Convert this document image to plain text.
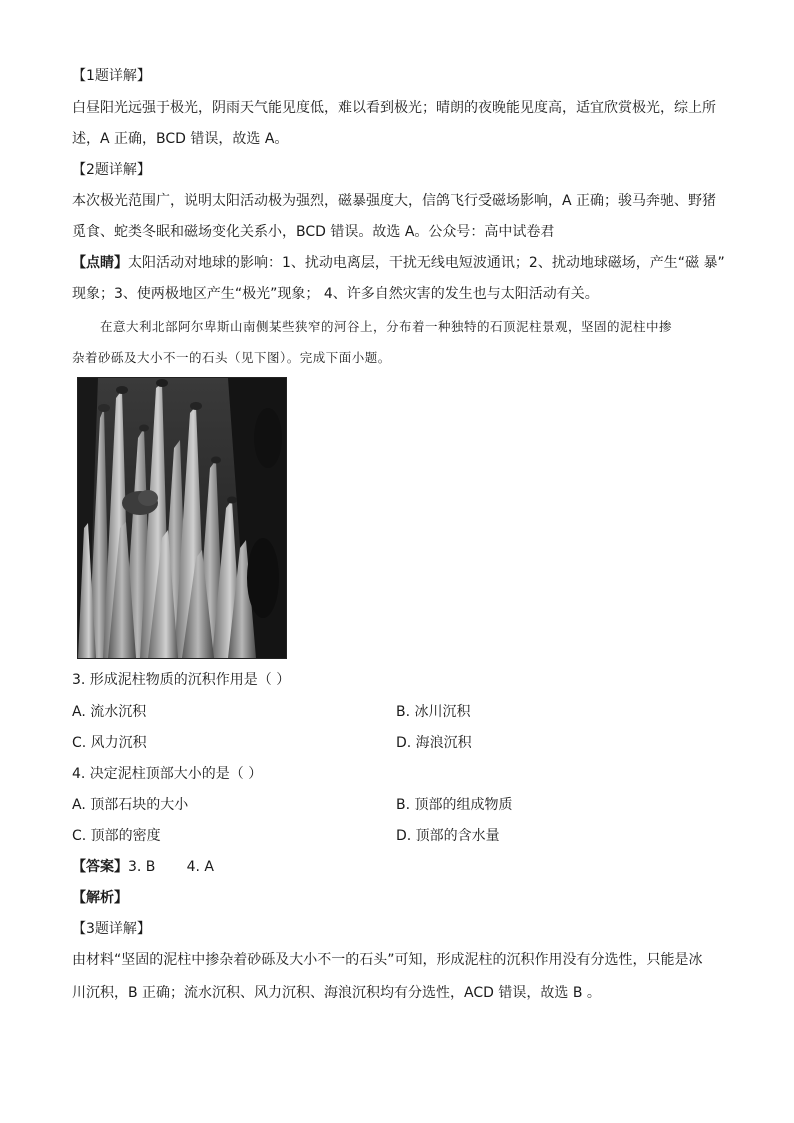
【1题详解】
白昼阳光远强于极光，阴雨天气能见度低，难以看到极光；晴朗的夜晚能见度高，适宜欣赏极光，综上所
述，A 正确，BCD 错误，故选 A。
【2题详解】
本次极光范围广，说明太阳活动极为强烈，磁暴强度大，信鸽飞行受磁场影响，A 正确；骏马奔驰、野猪
觅食、蛇类冬眠和磁场变化关系小，BCD 错误。故选 A。公众号：高中试卷君
【点睛】太阳活动对地球的影响：1、扰动电离层，干扰无线电短波通讯；2、扰动地球磁场，产生“磁 暴”
现象；3、使两极地区产生“极光”现象； 4、许多自然灾害的发生也与太阳活动有关。
在意大利北部阿尔卑斯山南侧某些狭窄的河谷上，分布着一种独特的石顶泥柱景观，坚固的泥柱中掺
杂着砂砾及大小不一的石头（见下图）。完成下面小题。
3. 形成泥柱物质的沉积作用是（ ）
A. 流水沉积	B. 冰川沉积
C. 风力沉积	D. 海浪沉积
4. 决定泥柱顶部大小的是（ ）
A. 顶部石块的大小	B. 顶部的组成物质
C. 顶部的密度	D. 顶部的含水量
【答案】3. B       4. A
【解析】
【3题详解】
由材料“坚固的泥柱中掺杂着砂砾及大小不一的石头”可知，形成泥柱的沉积作用没有分选性，只能是冰
川沉积，B 正确；流水沉积、风力沉积、海浪沉积均有分选性，ACD 错误，故选 B 。
